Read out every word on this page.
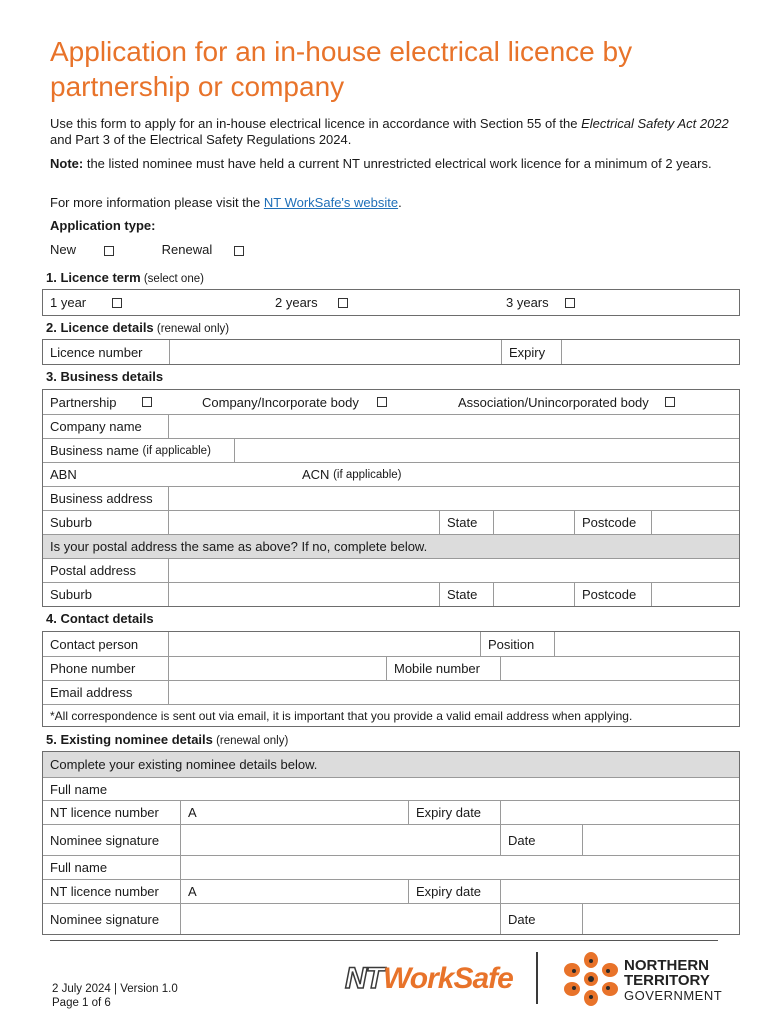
Application for an in-house electrical licence by partnership or company

Use this form to apply for an in-house electrical licence in accordance with Section 55 of the Electrical Safety Act 2022 and Part 3 of the Electrical Safety Regulations 2024.

Note: the listed nominee must have held a current NT unrestricted electrical work licence for a minimum of 2 years.

For more information please visit the NT WorkSafe's website.

Application type:

New	Renewal
1. Licence term (select one)
1 year	2 years	3 years
2. Licence details (renewal only)
Licence number	Expiry
3. Business details
Partnership	Company/Incorporate body	Association/Unincorporated body
Company name
Business name
(if applicable)
ABN	ACN
(if applicable)
Business address
Suburb	State	Postcode
Is your postal address the same as above? If no, complete below.
Postal address
Suburb	State	Postcode
4. Contact details
Contact person	Position
Phone number	Mobile number
Email address
*All correspondence is sent out via email, it is important that you provide a valid email address when applying.
5. Existing nominee details (renewal only)
Complete your existing nominee details below.
Full name
NT licence number	A	Expiry date
Nominee signature	Date
Full name
NT licence number	A	Expiry date
Nominee signature	Date
2 July 2024 | Version 1.0
Page 1 of 6
NTWorkSafe	NORTHERN
TERRITORY
GOVERNMENT
